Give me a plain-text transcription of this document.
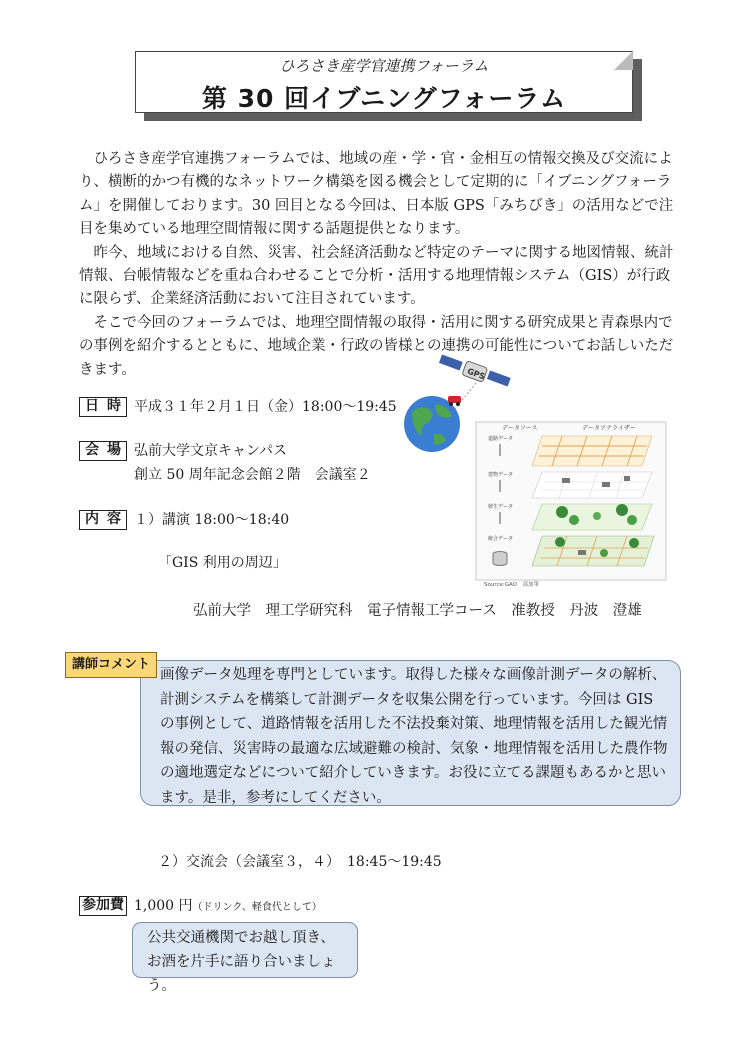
ひろさき産学官連携フォーラム
第 30 回イブニングフォーラム

ひろさき産学官連携フォーラムでは、地域の産・学・官・金相互の情報交換及び交流により、横断的かつ有機的なネットワーク構築を図る機会として定期的に「イブニングフォーラム」を開催しております。30 回目となる今回は、日本版 GPS「みちびき」の活用などで注目を集めている地理空間情報に関する話題提供となります。

昨今、地域における自然、災害、社会経済活動など特定のテーマに関する地図情報、統計情報、台帳情報などを重ね合わせることで分析・活用する地理情報システム（GIS）が行政に限らず、企業経済活動において注目されています。

そこで今回のフォーラムでは、地理空間情報の取得・活用に関する研究成果と青森県内での事例を紹介するとともに、地域企業・行政の皆様との連携の可能性についてお話しいただきます。

日 時 平成３１年２月１日（金）18:00～19:45
会 場 弘前大学文京キャンパス
創立 50 周年記念会館２階　会議室２
内 容 １）講演 18:00～18:40
「GIS 利用の周辺」
弘前大学　理工学研究科　電子情報工学コース　准教授　丹波　澄雄
GPS
データソース	データアナライザー
道路データ
建物データ
植生データ
統合データ
Source:GAO　部加筆
画像データ処理を専門としています。取得した様々な画像計測データの解析、計測システムを構築して計測データを収集公開を行っています。今回は GIS の事例として、道路情報を活用した不法投棄対策、地理情報を活用した観光情報の発信、災害時の最適な広域避難の検討、気象・地理情報を活用した農作物の適地選定などについて紹介していきます。お役に立てる課題もあるかと思います。是非，参考にしてください。
講師コメント
２）交流会（会議室３，４）　18:45～19:45
参加費 1,000 円（ドリンク、軽食代として）
公共交通機関でお越し頂き、
お酒を片手に語り合いましょう。
